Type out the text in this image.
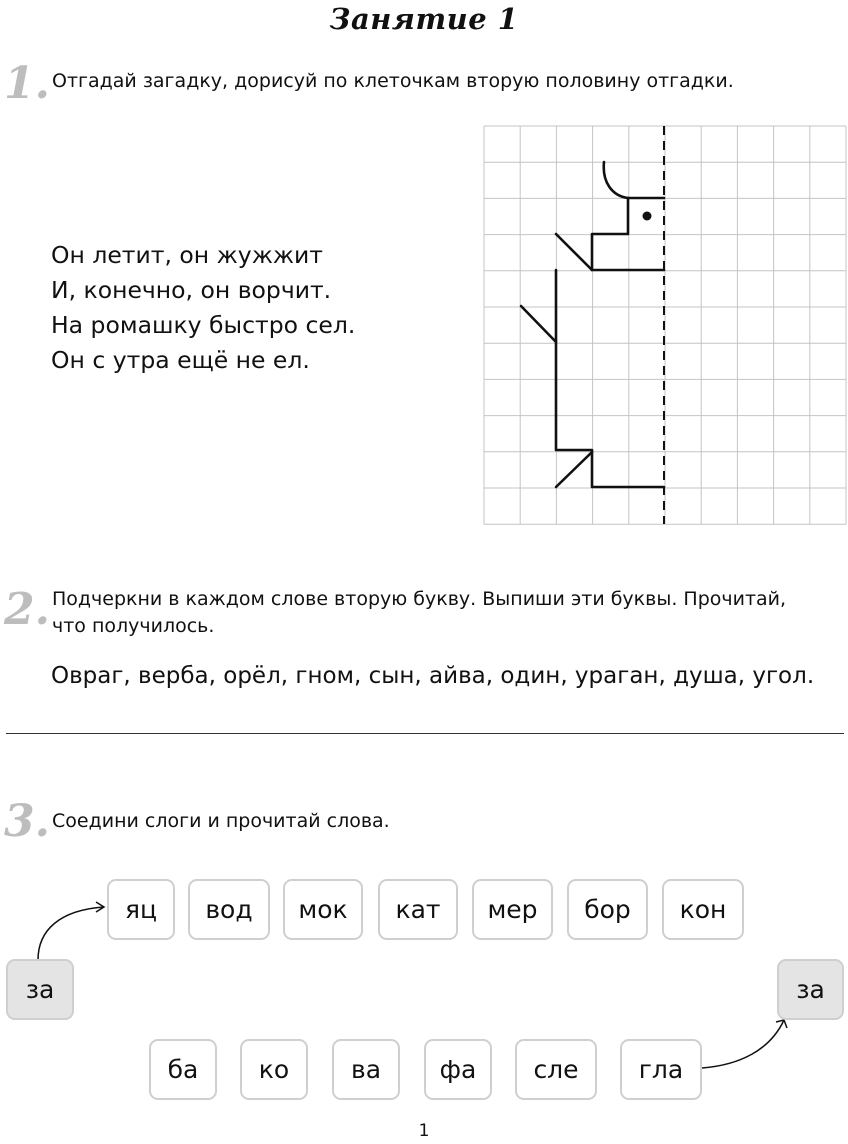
Занятие 1
1. Отгадай загадку, дорисуй по клеточкам вторую половину отгадки.
Он летит, он жужжит
И, конечно, он ворчит.
На ромашку быстро сел.
Он с утра ещё не ел.
2. Подчеркни в каждом слове вторую букву. Выпиши эти буквы. Прочитай,
что получилось.
Овраг, верба, орёл, гном, сын, айва, один, ураган, душа, угол.
3. Соедини слоги и прочитай слова.
яц	вод	мок	кат	мер	бор	кон
за	за
ба	ко	ва	фа	сле	гла
1
